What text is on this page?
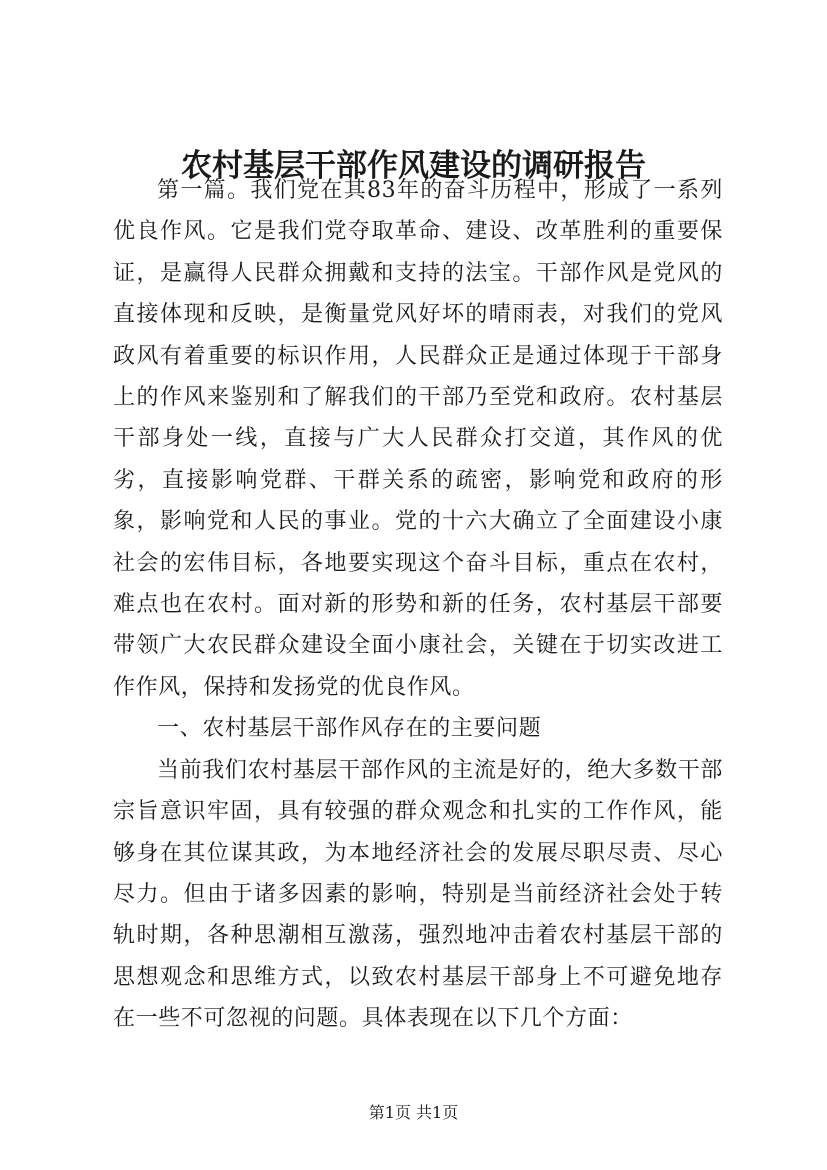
农村基层干部作风建设的调研报告

第一篇。我们党在其83年的奋斗历程中，形成了一系列优良作风。它是我们党夺取革命、建设、改革胜利的重要保证，是赢得人民群众拥戴和支持的法宝。干部作风是党风的直接体现和反映，是衡量党风好坏的晴雨表，对我们的党风政风有着重要的标识作用，人民群众正是通过体现于干部身上的作风来鉴别和了解我们的干部乃至党和政府。农村基层干部身处一线，直接与广大人民群众打交道，其作风的优劣，直接影响党群、干群关系的疏密，影响党和政府的形象，影响党和人民的事业。党的十六大确立了全面建设小康社会的宏伟目标，各地要实现这个奋斗目标，重点在农村，难点也在农村。面对新的形势和新的任务，农村基层干部要带领广大农民群众建设全面小康社会，关键在于切实改进工作作风，保持和发扬党的优良作风。

一、农村基层干部作风存在的主要问题

当前我们农村基层干部作风的主流是好的，绝大多数干部宗旨意识牢固，具有较强的群众观念和扎实的工作作风，能够身在其位谋其政，为本地经济社会的发展尽职尽责、尽心尽力。但由于诸多因素的影响，特别是当前经济社会处于转轨时期，各种思潮相互激荡，强烈地冲击着农村基层干部的思想观念和思维方式，以致农村基层干部身上不可避免地存在一些不可忽视的问题。具体表现在以下几个方面：

第1页 共1页
